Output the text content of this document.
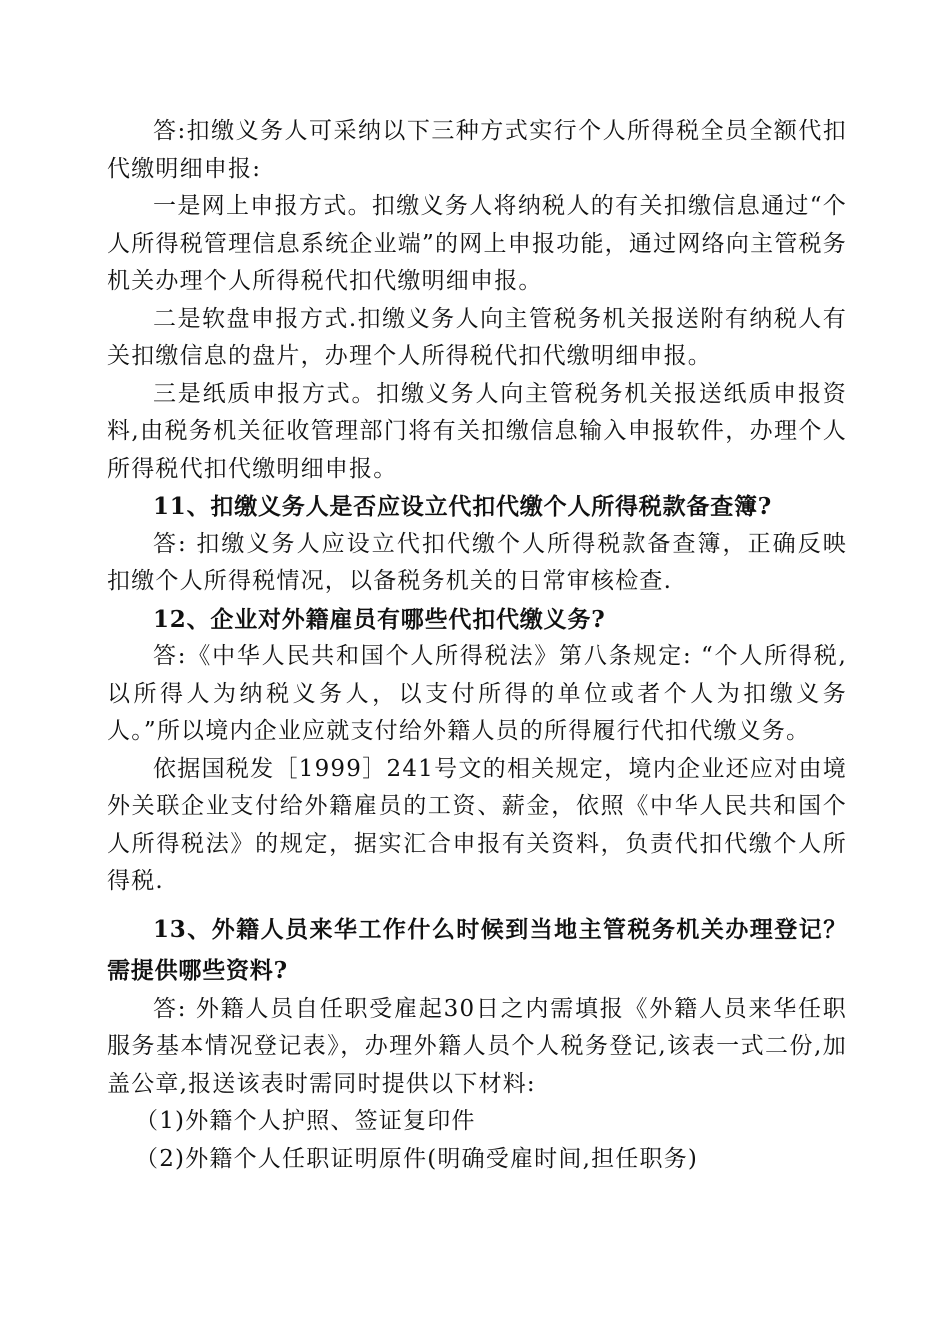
答:扣缴义务人可采纳以下三种方式实行个人所得税全员全额代扣代缴明细申报:

一是网上申报方式。扣缴义务人将纳税人的有关扣缴信息通过“个人所得税管理信息系统企业端”的网上申报功能，通过网络向主管税务机关办理个人所得税代扣代缴明细申报。

二是软盘申报方式.扣缴义务人向主管税务机关报送附有纳税人有关扣缴信息的盘片，办理个人所得税代扣代缴明细申报。

三是纸质申报方式。扣缴义务人向主管税务机关报送纸质申报资料,由税务机关征收管理部门将有关扣缴信息输入申报软件，办理个人所得税代扣代缴明细申报。

11、扣缴义务人是否应设立代扣代缴个人所得税款备查簿?

答: 扣缴义务人应设立代扣代缴个人所得税款备查簿，正确反映扣缴个人所得税情况，以备税务机关的日常审核检查.

12、企业对外籍雇员有哪些代扣代缴义务?

答:《中华人民共和国个人所得税法》第八条规定: “个人所得税,以所得人为纳税义务人，以支付所得的单位或者个人为扣缴义务人。”所以境内企业应就支付给外籍人员的所得履行代扣代缴义务。

依据国税发［1999］241号文的相关规定，境内企业还应对由境外关联企业支付给外籍雇员的工资、薪金，依照《中华人民共和国个人所得税法》的规定，据实汇合申报有关资料，负责代扣代缴个人所得税.

13、外籍人员来华工作什么时候到当地主管税务机关办理登记？需提供哪些资料?

答: 外籍人员自任职受雇起30日之内需填报《外籍人员来华任职服务基本情况登记表》，办理外籍人员个人税务登记,该表一式二份,加盖公章,报送该表时需同时提供以下材料:

（1)外籍个人护照、签证复印件

（2)外籍个人任职证明原件(明确受雇时间,担任职务)
